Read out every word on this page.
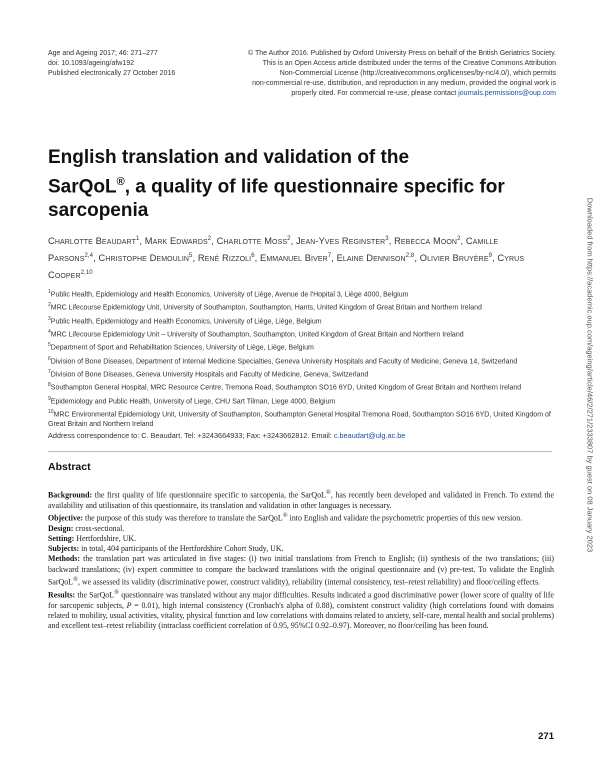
Age and Ageing 2017; 46: 271–277
doi: 10.1093/ageing/afw192
Published electronically 27 October 2016
© The Author 2016. Published by Oxford University Press on behalf of the British Geriatrics Society.
This is an Open Access article distributed under the terms of the Creative Commons Attribution
Non-Commercial License (http://creativecommons.org/licenses/by-nc/4.0/), which permits
non-commercial re-use, distribution, and reproduction in any medium, provided the original work is
properly cited. For commercial re-use, please contact journals.permissions@oup.com
English translation and validation of the
SarQoL®, a quality of life questionnaire specific for sarcopenia
Charlotte Beaudart$^1$, Mark Edwards$^2$, Charlotte Moss$^2$, Jean-Yves Reginster$^3$, Rebecca Moon$^2$, Camille Parsons$^{2,4}$, Christophe Demoulin$^5$, René Rizzoli$^6$, Emmanuel Biver$^7$, Elaine Dennison$^{2,8}$, Olivier Bruyère$^9$, Cyrus Cooper$^{2,10}$

$^1$Public Health, Epidemiology and Health Economics, University of Liège, Avenue de l'Hopital 3, Liège 4000, Belgium

$^2$MRC Lifecourse Epidemiology Unit, University of Southampton, Southampton, Hants, United Kingdom of Great Britain and Northern Ireland

$^3$Public Health, Epidemiology and Health Economics, University of Liège, Liège, Belgium

$^4$MRC Lifecourse Epidemiology Unit – University of Southampton, Southampton, United Kingdom of Great Britain and Northern Ireland

$^5$Department of Sport and Rehabilitation Sciences, University of Liège, Liège, Belgium

$^6$Division of Bone Diseases, Department of Internal Medicine Specialties, Geneva University Hospitals and Faculty of Medicine, Geneva 14, Switzerland

$^7$Division of Bone Diseases, Geneva University Hospitals and Faculty of Medicine, Geneva, Switzerland

$^8$Southampton General Hospital, MRC Resource Centre, Tremona Road, Southampton SO16 6YD, United Kingdom of Great Britain and Northern Ireland

$^9$Epidemiology and Public Health, University of Liege, CHU Sart Tilman, Liege 4000, Belgium

$^{10}$MRC Environmental Epidemiology Unit, University of Southampton, Southampton General Hospital Tremona Road, Southampton SO16 6YD, United Kingdom of Great Britain and Northern Ireland

Address correspondence to: C. Beaudart. Tel: +3243664933; Fax: +3243662812. Email: c.beaudart@ulg.ac.be
Abstract

Background: the first quality of life questionnaire specific to sarcopenia, the SarQoL®, has recently been developed and validated in French. To extend the availability and utilisation of this questionnaire, its translation and validation in other languages is necessary.

Objective: the purpose of this study was therefore to translate the SarQoL® into English and validate the psychometric properties of this new version.

Design: cross-sectional.

Setting: Hertfordshire, UK.

Subjects: in total, 404 participants of the Hertfordshire Cohort Study, UK.

Methods: the translation part was articulated in five stages: (i) two initial translations from French to English; (ii) synthesis of the two translations; (iii) backward translations; (iv) expert committee to compare the backward translations with the original questionnaire and (v) pre-test. To validate the English SarQoL®, we assessed its validity (discriminative power, construct validity), reliability (internal consistency, test–retest reliability) and floor/ceiling effects.

Results: the SarQoL® questionnaire was translated without any major difficulties. Results indicated a good discriminative power (lower score of quality of life for sarcopenic subjects, P = 0.01), high internal consistency (Cronbach's alpha of 0.88), consistent construct validity (high correlations found with domains related to mobility, usual activities, vitality, physical function and low correlations with domains related to anxiety, self-care, mental health and social problems) and excellent test–retest reliability (intraclass coefficient correlation of 0.95, 95%CI 0.92–0.97). Moreover, no floor/ceiling has been found.

271
Downloaded from https://academic.oup.com/ageing/article/46/2/271/2333807 by guest on 08 January 2023
